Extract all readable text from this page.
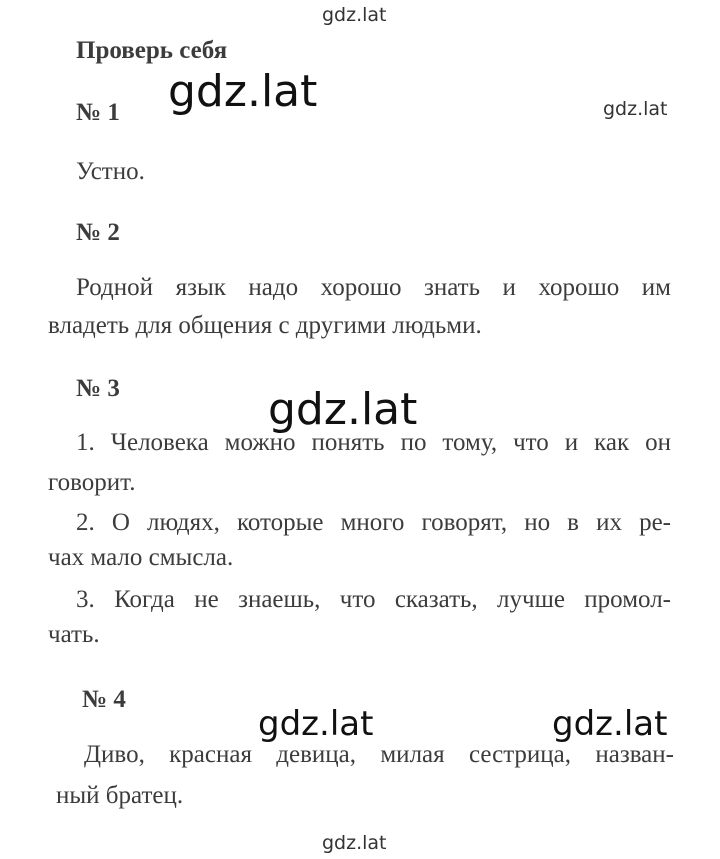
gdz.lat
gdz.lat	gdz.lat
gdz.lat
gdz.lat	gdz.lat
gdz.lat
Проверь себя
№ 1
Устно.
№ 2
Родной язык надо хорошо знать и хорошо им
владеть для общения с другими людьми.
№ 3
1. Человека можно понять по тому, что и как он
говорит.
2. О людях, которые много говорят, но в их ре-
чах мало смысла.
3. Когда не знаешь, что сказать, лучше промол-
чать.
№ 4
Диво, красная девица, милая сестрица, назван-
ный братец.
